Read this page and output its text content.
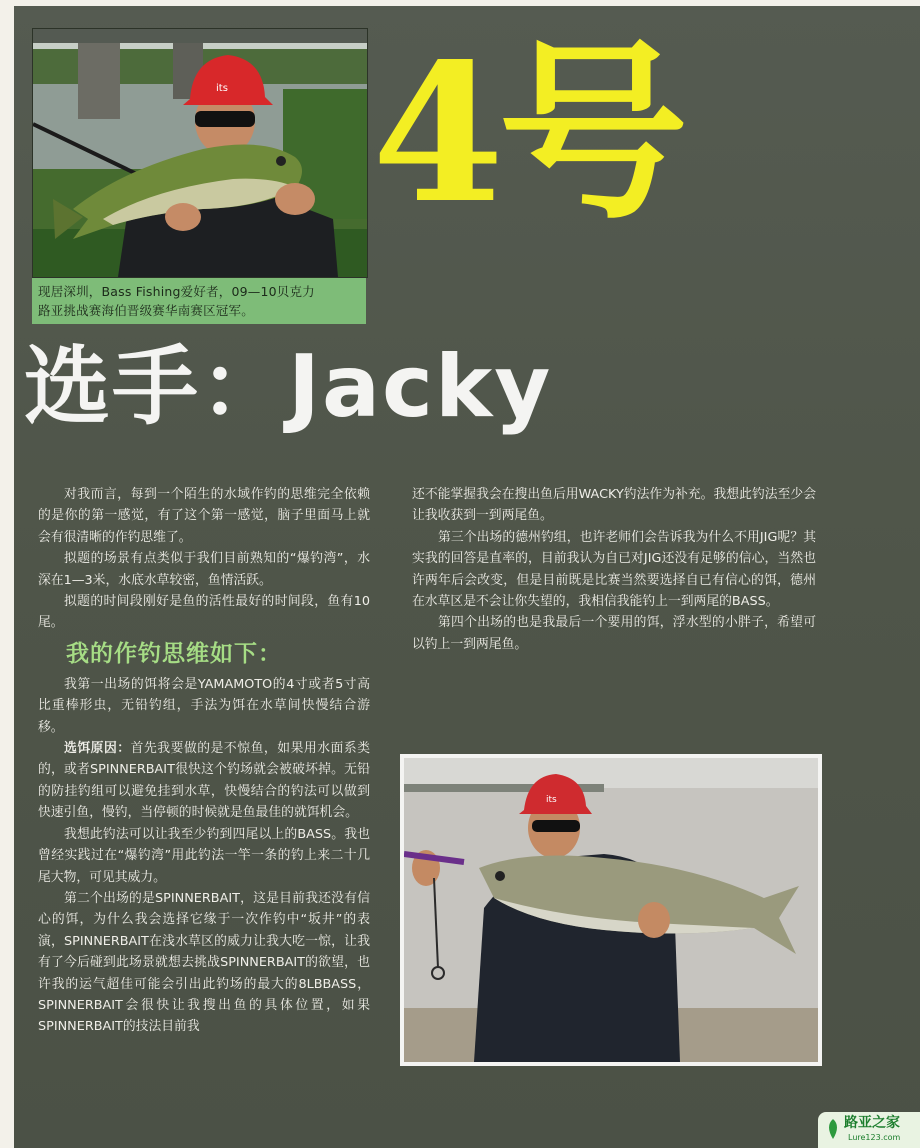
its
现居深圳，Bass Fishing爱好者，09—10贝克力
路亚挑战赛海伯晋级赛华南赛区冠军。
4号
选手：Jacky

对我而言，每到一个陌生的水域作钓的思维完全依赖的是你的第一感觉，有了这个第一感觉，脑子里面马上就会有很清晰的作钓思维了。

拟题的场景有点类似于我们目前熟知的“爆钓湾”，水深在1—3米，水底水草较密，鱼情活跃。

拟题的时间段刚好是鱼的活性最好的时间段，鱼有10尾。

我的作钓思维如下：

我第一出场的饵将会是YAMAMOTO的4寸或者5寸高比重棒形虫，无铅钓组，手法为饵在水草间快慢结合游移。

选饵原因：首先我要做的是不惊鱼，如果用水面系类的，或者SPINNERBAIT很快这个钓场就会被破坏掉。无铅的防挂钓组可以避免挂到水草，快慢结合的钓法可以做到快速引鱼，慢钓，当停顿的时候就是鱼最佳的就饵机会。

我想此钓法可以让我至少钓到四尾以上的BASS。我也曾经实践过在“爆钓湾”用此钓法一竿一条的钓上来二十几尾大物，可见其威力。

第二个出场的是SPINNERBAIT，这是目前我还没有信心的饵，为什么我会选择它缘于一次作钓中“坂井”的表演，SPINNERBAIT在浅水草区的威力让我大吃一惊，让我有了今后碰到此场景就想去挑战SPINNERBAIT的欲望，也许我的运气超佳可能会引出此钓场的最大的8LBBASS，SPINNERBAIT会很快让我搜出鱼的具体位置，如果SPINNERBAIT的技法目前我

还不能掌握我会在搜出鱼后用WACKY钓法作为补充。我想此钓法至少会让我收获到一到两尾鱼。

第三个出场的德州钓组，也许老师们会告诉我为什么不用JIG呢？其实我的回答是直率的，目前我认为自已对JIG还没有足够的信心，当然也许两年后会改变，但是目前既是比赛当然要选择自已有信心的饵，德州在水草区是不会让你失望的，我相信我能钓上一到两尾的BASS。

第四个出场的也是我最后一个要用的饵，浮水型的小胖子，希望可以钓上一到两尾鱼。

its
路亚之家
Lure123.com
